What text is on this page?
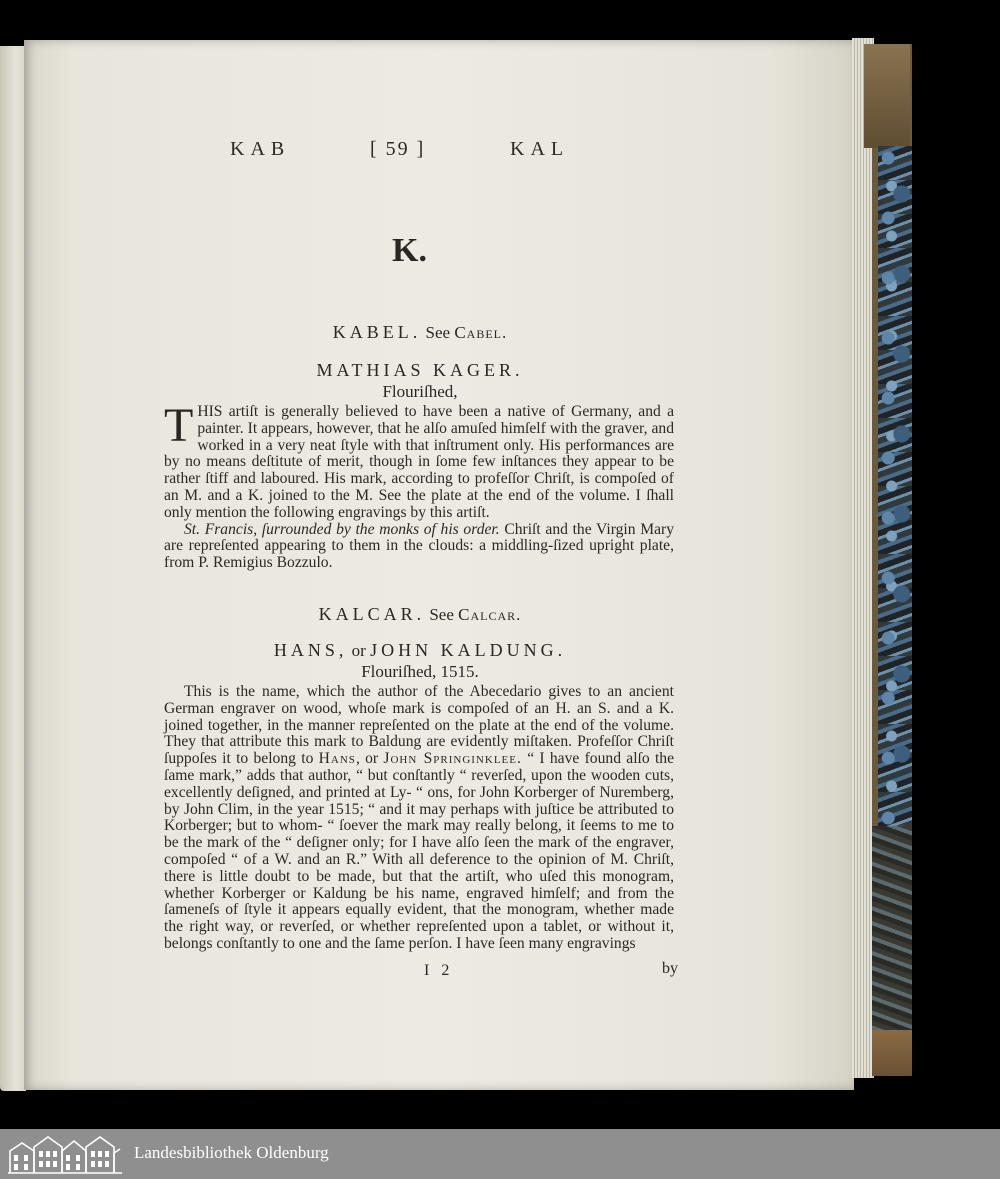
KAB	[ 59 ]	KAL
K.
KABEL. See Cabel.
MATHIAS KAGER.
Flouriſhed,

THIS artiſt is generally believed to have been a native of Germany, and a painter. It appears, however, that he alſo amuſed himſelf with the graver, and worked in a very neat ſtyle with that inſtrument only. His performances are by no means deſtitute of merit, though in ſome few inſtances they appear to be rather ſtiff and laboured. His mark, according to profeſſor Chriſt, is compoſed of an M. and a K. joined to the M. See the plate at the end of the volume. I ſhall only mention the following engravings by this artiſt.

St. Francis, ſurrounded by the monks of his order. Chriſt and the Virgin Mary are repreſented appearing to them in the clouds: a middling-ſized upright plate, from P. Remigius Bozzulo.

KALCAR. See Calcar.
HANS, or JOHN KALDUNG.
Flouriſhed, 1515.

This is the name, which the author of the Abecedario gives to an ancient German engraver on wood, whoſe mark is compoſed of an H. an S. and a K. joined together, in the manner repreſented on the plate at the end of the volume. They that attribute this mark to Baldung are evidently miſtaken. Profeſſor Chriſt ſuppoſes it to belong to Hans, or John Springinklee. “ I have found alſo the ſame mark,” adds that author, “ but conſtantly “ reverſed, upon the wooden cuts, excellently deſigned, and printed at Ly- “ ons, for John Korberger of Nuremberg, by John Clim, in the year 1515; “ and it may perhaps with juſtice be attributed to Korberger; but to whom- “ ſoever the mark may really belong, it ſeems to me to be the mark of the “ deſigner only; for I have alſo ſeen the mark of the engraver, compoſed “ of a W. and an R.” With all deference to the opinion of M. Chriſt, there is little doubt to be made, but that the artiſt, who uſed this monogram, whether Korberger or Kaldung be his name, engraved himſelf; and from the ſameneſs of ſtyle it appears equally evident, that the monogram, whether made the right way, or reverſed, or whether repreſented upon a tablet, or without it, belongs conſtantly to one and the ſame perſon. I have ſeen many engravings

I 2	by
Landesbibliothek Oldenburg
